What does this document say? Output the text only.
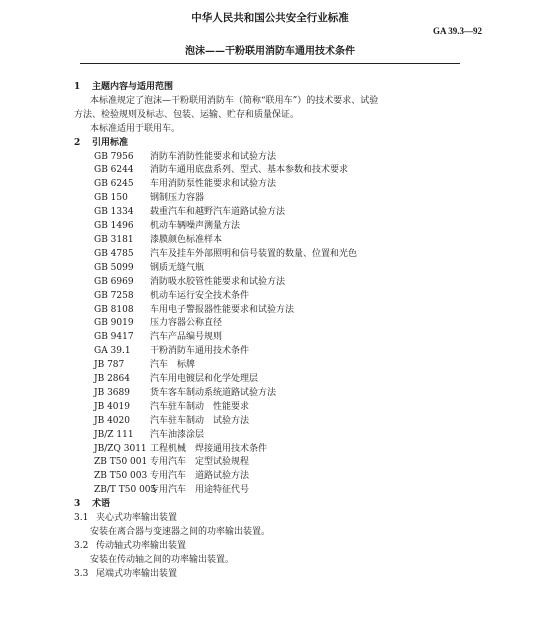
中华人民共和国公共安全行业标准
GA 39.3—92
泡沫——干粉联用消防车通用技术条件
1 主题内容与适用范围
本标准规定了泡沫—干粉联用消防车（简称“联用车”）的技术要求、试验
方法、检验规则及标志、包装、运输、贮存和质量保证。
本标准适用于联用车。
2 引用标准
GB 7956 消防车消防性能要求和试验方法
GB 6244 消防车通用底盘系列、型式、基本参数和技术要求
GB 6245 车用消防泵性能要求和试验方法
GB 150 钢制压力容器
GB 1334 载重汽车和越野汽车道路试验方法
GB 1496 机动车辆噪声测量方法
GB 3181 漆膜颜色标准样本
GB 4785 汽车及挂车外部照明和信号装置的数量、位置和光色
GB 5099 钢质无缝气瓶
GB 6969 消防吸水胶管性能要求和试验方法
GB 7258 机动车运行安全技术条件
GB 8108 车用电子警报器性能要求和试验方法
GB 9019 压力容器公称直径
GB 9417 汽车产品编号规则
GA 39.1 干粉消防车通用技术条件
JB 787	汽车　标牌
JB 2864 汽车用电镀层和化学处理层
JB 3689 货车客车制动系统道路试验方法
JB 4019 汽车驻车制动　性能要求
JB 4020 汽车驻车制动　试验方法
JB/Z 111 汽车油漆涂层
JB/ZQ 3011 工程机械　焊接通用技术条件
ZB T50 001 专用汽车　定型试验规程
ZB T50 003 专用汽车　道路试验方法
ZB/T T50 005专用汽车　用途特征代号
3 术语
3.1 夹心式功率输出装置
安装在离合器与变速器之间的功率输出装置。
3.2 传动轴式功率输出装置
安装在传动轴之间的功率输出装置。
3.3 尾端式功率输出装置
